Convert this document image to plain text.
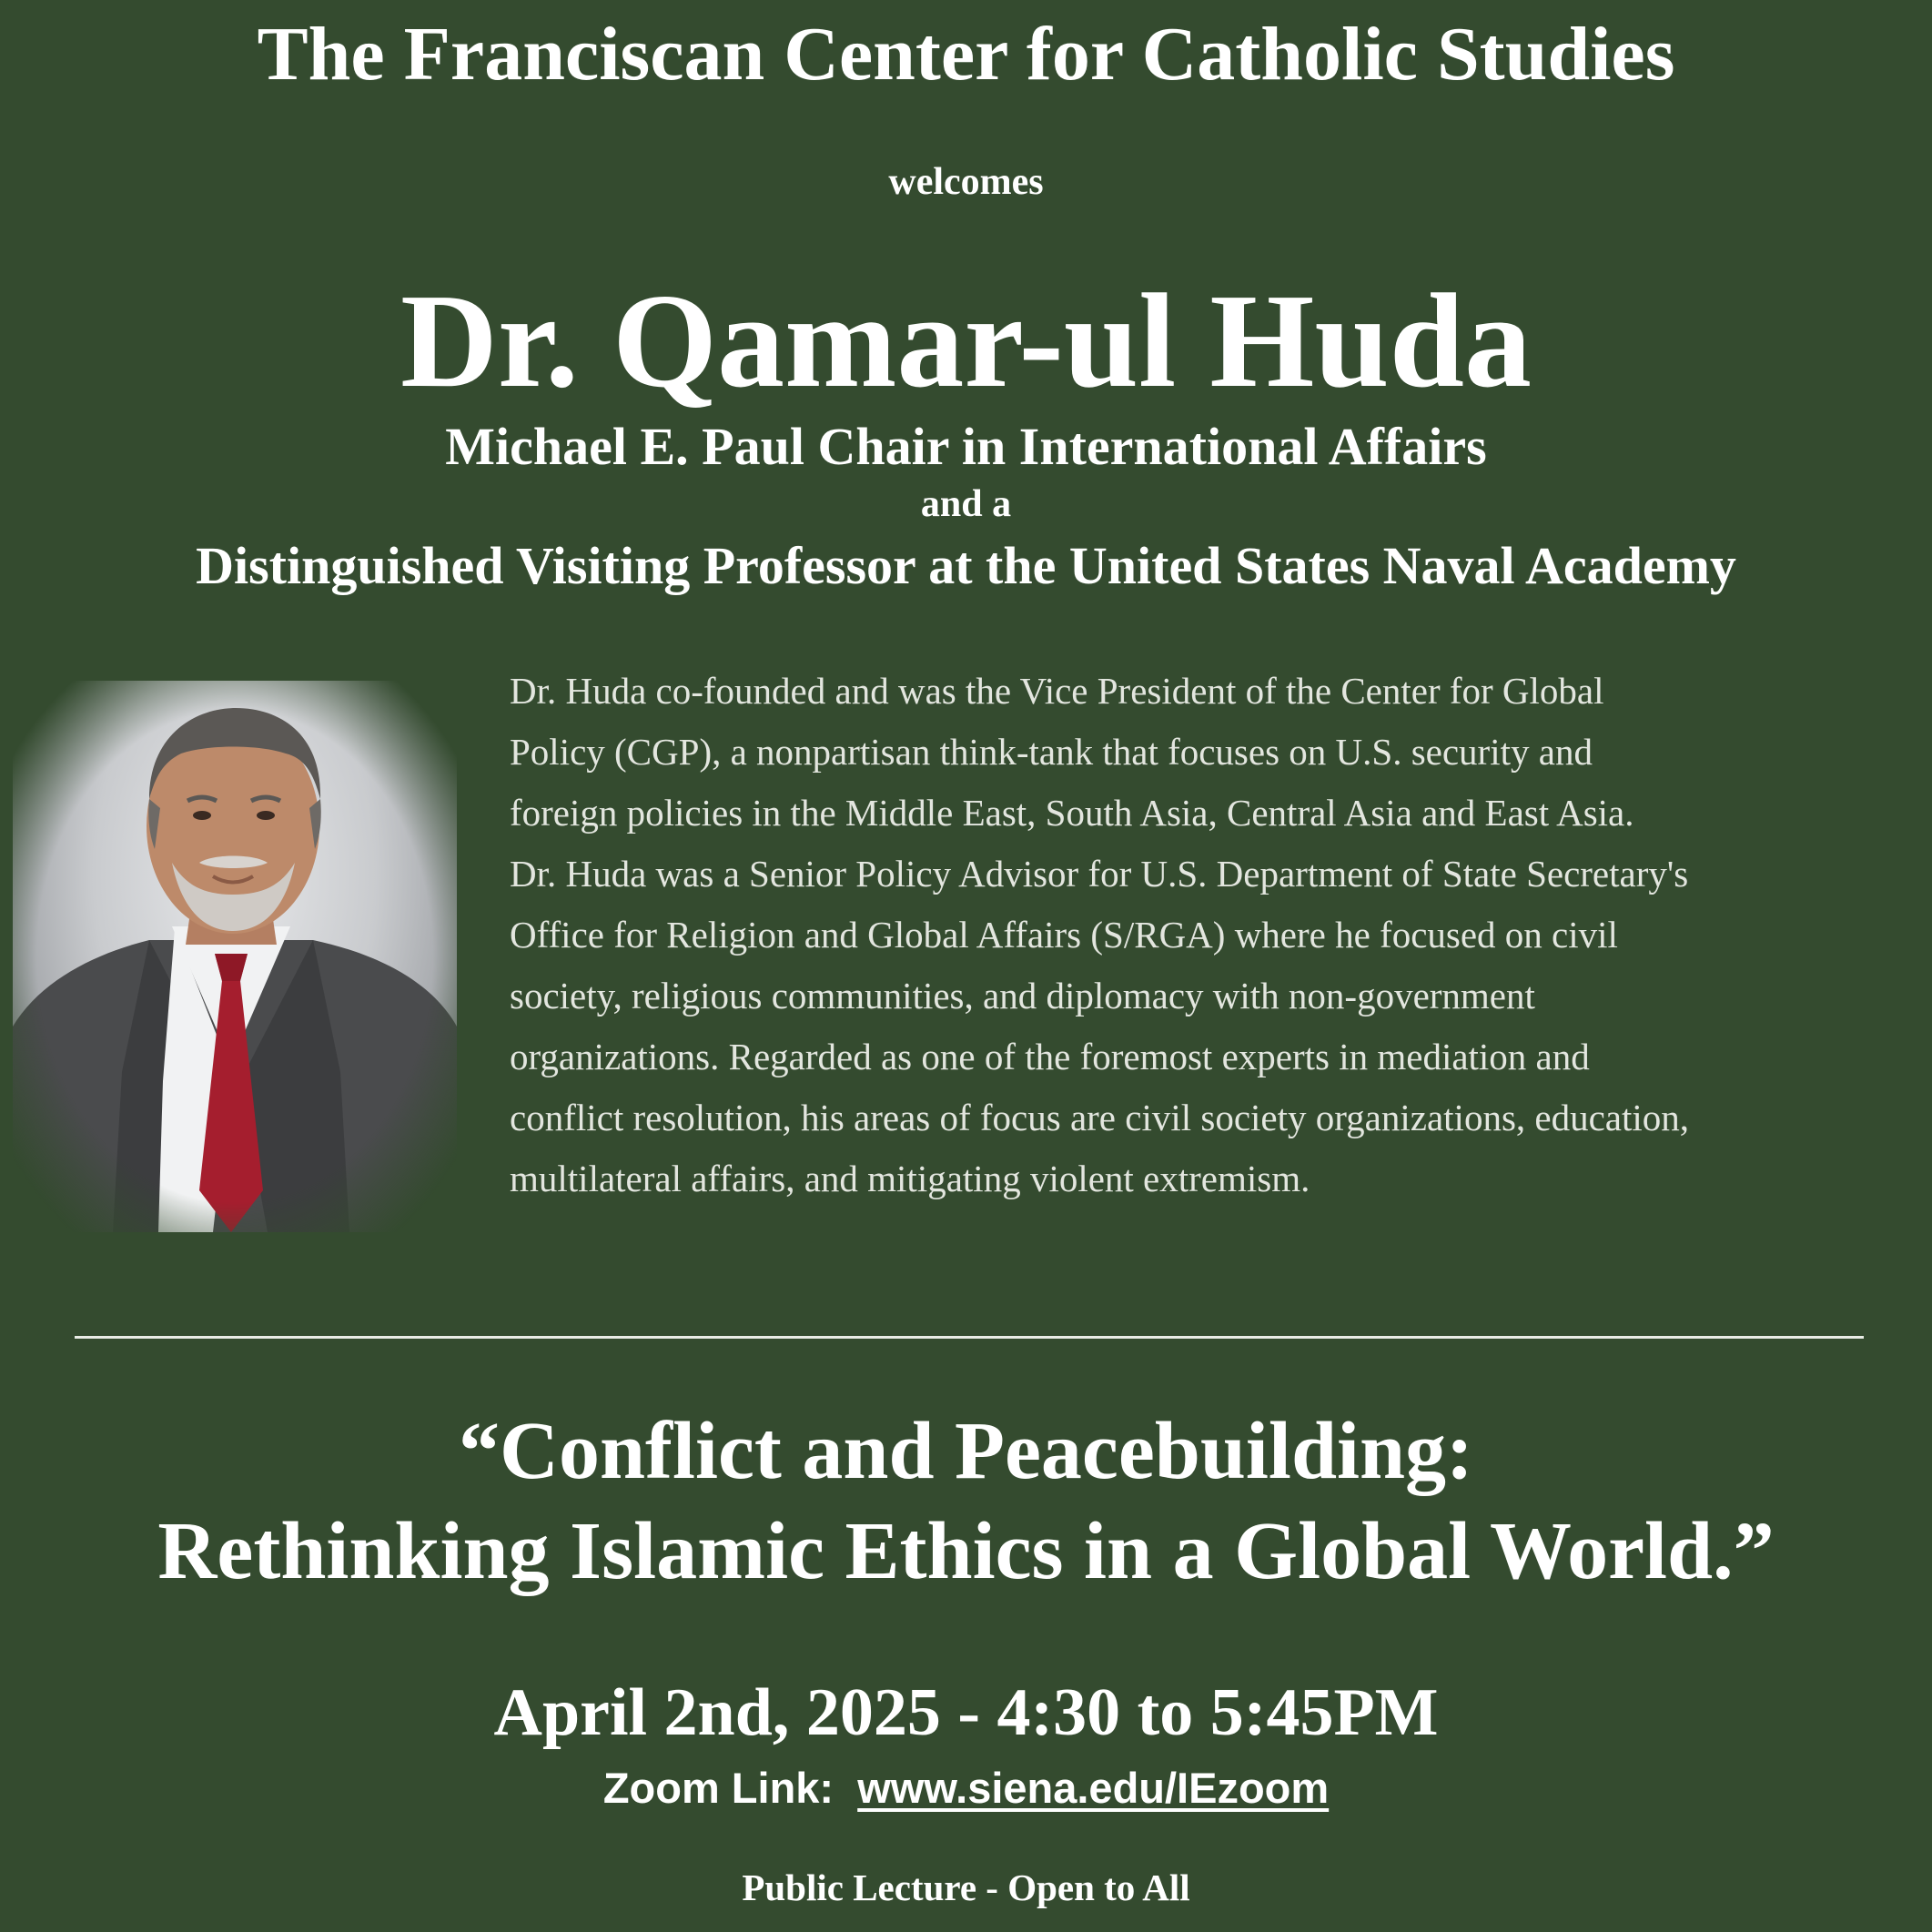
The Franciscan Center for Catholic Studies
welcomes
Dr. Qamar-ul Huda
Michael E. Paul Chair in International Affairs
and a
Distinguished Visiting Professor at the United States Naval Academy
Dr. Huda co-founded and was the Vice President of the Center for Global
Policy (CGP), a nonpartisan think-tank that focuses on U.S. security and
foreign policies in the Middle East, South Asia, Central Asia and East Asia.
Dr. Huda was a Senior Policy Advisor for U.S. Department of State Secretary's
Office for Religion and Global Affairs (S/RGA) where he focused on civil
society, religious communities, and diplomacy with non-government
organizations. Regarded as one of the foremost experts in mediation and
conflict resolution, his areas of focus are civil society organizations, education,
multilateral affairs, and mitigating violent extremism.
“Conflict and Peacebuilding:
Rethinking Islamic Ethics in a Global World.”
April 2nd, 2025 - 4:30 to 5:45PM
Zoom Link: www.siena.edu/IEzoom
Public Lecture - Open to All
